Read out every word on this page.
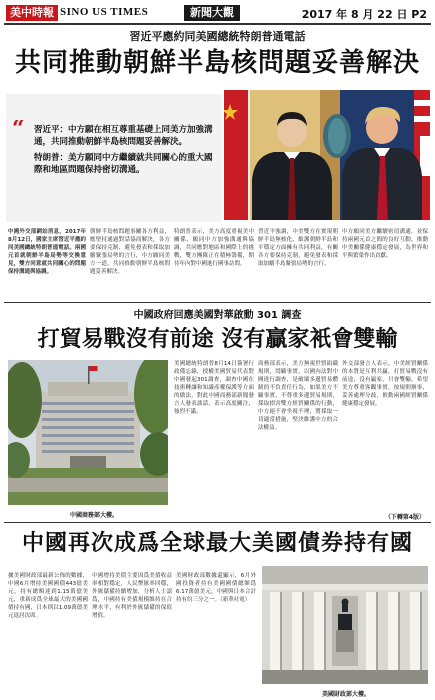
美中時報 SINO US TIMES	新聞大觀	2017 年 8 月 22 日 P2
習近平應約同美國總統特朗普通電話
共同推動朝鮮半島核問題妥善解決
“	習近平：中方願在相互尊重基礎上同美方加強溝通，共同推動朝鮮半島核問題妥善解決。

特朗普：美方願同中方繼續就共同關心的重大國際和地區問題保持密切溝通。

中國外交部網站消息，2017年8月12日，國家主席習近平應約同美國總統特朗普通電話。兩國元首就朝鮮半島局勢等交換意見，雙方同意就共同關心的問題保持溝通與協調。
朝鮮半島核問題事關各方利益，應堅持通過對話協商解決，各方要保持克制，避免發表和採取加劇緊張局勢的言行，中方願同美方一道，共同推動朝鮮半島核問題妥善解決。
特朗普表示，美方高度重視美中關係，願同中方加強溝通與協調，共同應對地區和國際上的挑戰，雙方團隊正在積極籌備，期待年內對中國進行國事訪問。
習近平強調，中美雙方在實現朝鮮半島無核化、維護朝鮮半島和平穩定方面擁有共同利益，有關各方要保持克制，避免發表和採取加劇半島緊張局勢的言行。
中方願同美方繼續密切溝通，並保持兩國元首之間的良好互動，推動中美關係健康穩定發展，為世界和平與繁榮作出貢獻。
中國政府回應美國對華啟動 301 調查
打貿易戰沒有前途 沒有贏家衹會雙輸
中國商務部大樓。
美國總統特朗普8月14日簽署行政備忘錄，授權美國貿易代表對中國發起301調查，調查中國在技術轉讓和知識產權保護等方面的做法，對此中國商務部新聞發言人發表談話，表示高度關注，強烈不滿。
商務部表示，美方無視世貿組織規則，罔顧事實，以國內法對中國進行調查，是破壞多邊貿易體制的不負責任行為，如果美方不顧事實、不尊重多邊貿易規則，採取損害雙方經貿關係的行動，中方絕不會坐視不理，將採取一切適當措施，堅決維護中方的合法權益。
外交部發言人表示，中美經貿關係的本質是互利共贏，打貿易戰沒有前途，沒有贏家，只會雙輸。希望美方尊重客觀事實，按規則辦事，妥善處理分歧，推動兩國經貿關係健康穩定發展。
（下轉第4版）
中國再次成爲全球最大美國債券持有國
據美國財政部最新公佈的數據，中國6月增持美國國債443億美元，持有總額達到1.15萬億美元，重新成爲全球最大的美國國債持有國，日本則以1.09萬億美元退居次席。
中國增持美債主要因爲美債收益率相對穩定，人民幣匯率回穩，外匯儲備持續增加，分析人士認爲，中國持有美債規模維持在合理水平，有利於外匯儲備的保值增值。
美國財政部數據還顯示，6月外國投資者持有美國國債總額爲6.17萬億美元，中國與日本合計持有約三分之一。（新華社電）
美國財政部大樓。
